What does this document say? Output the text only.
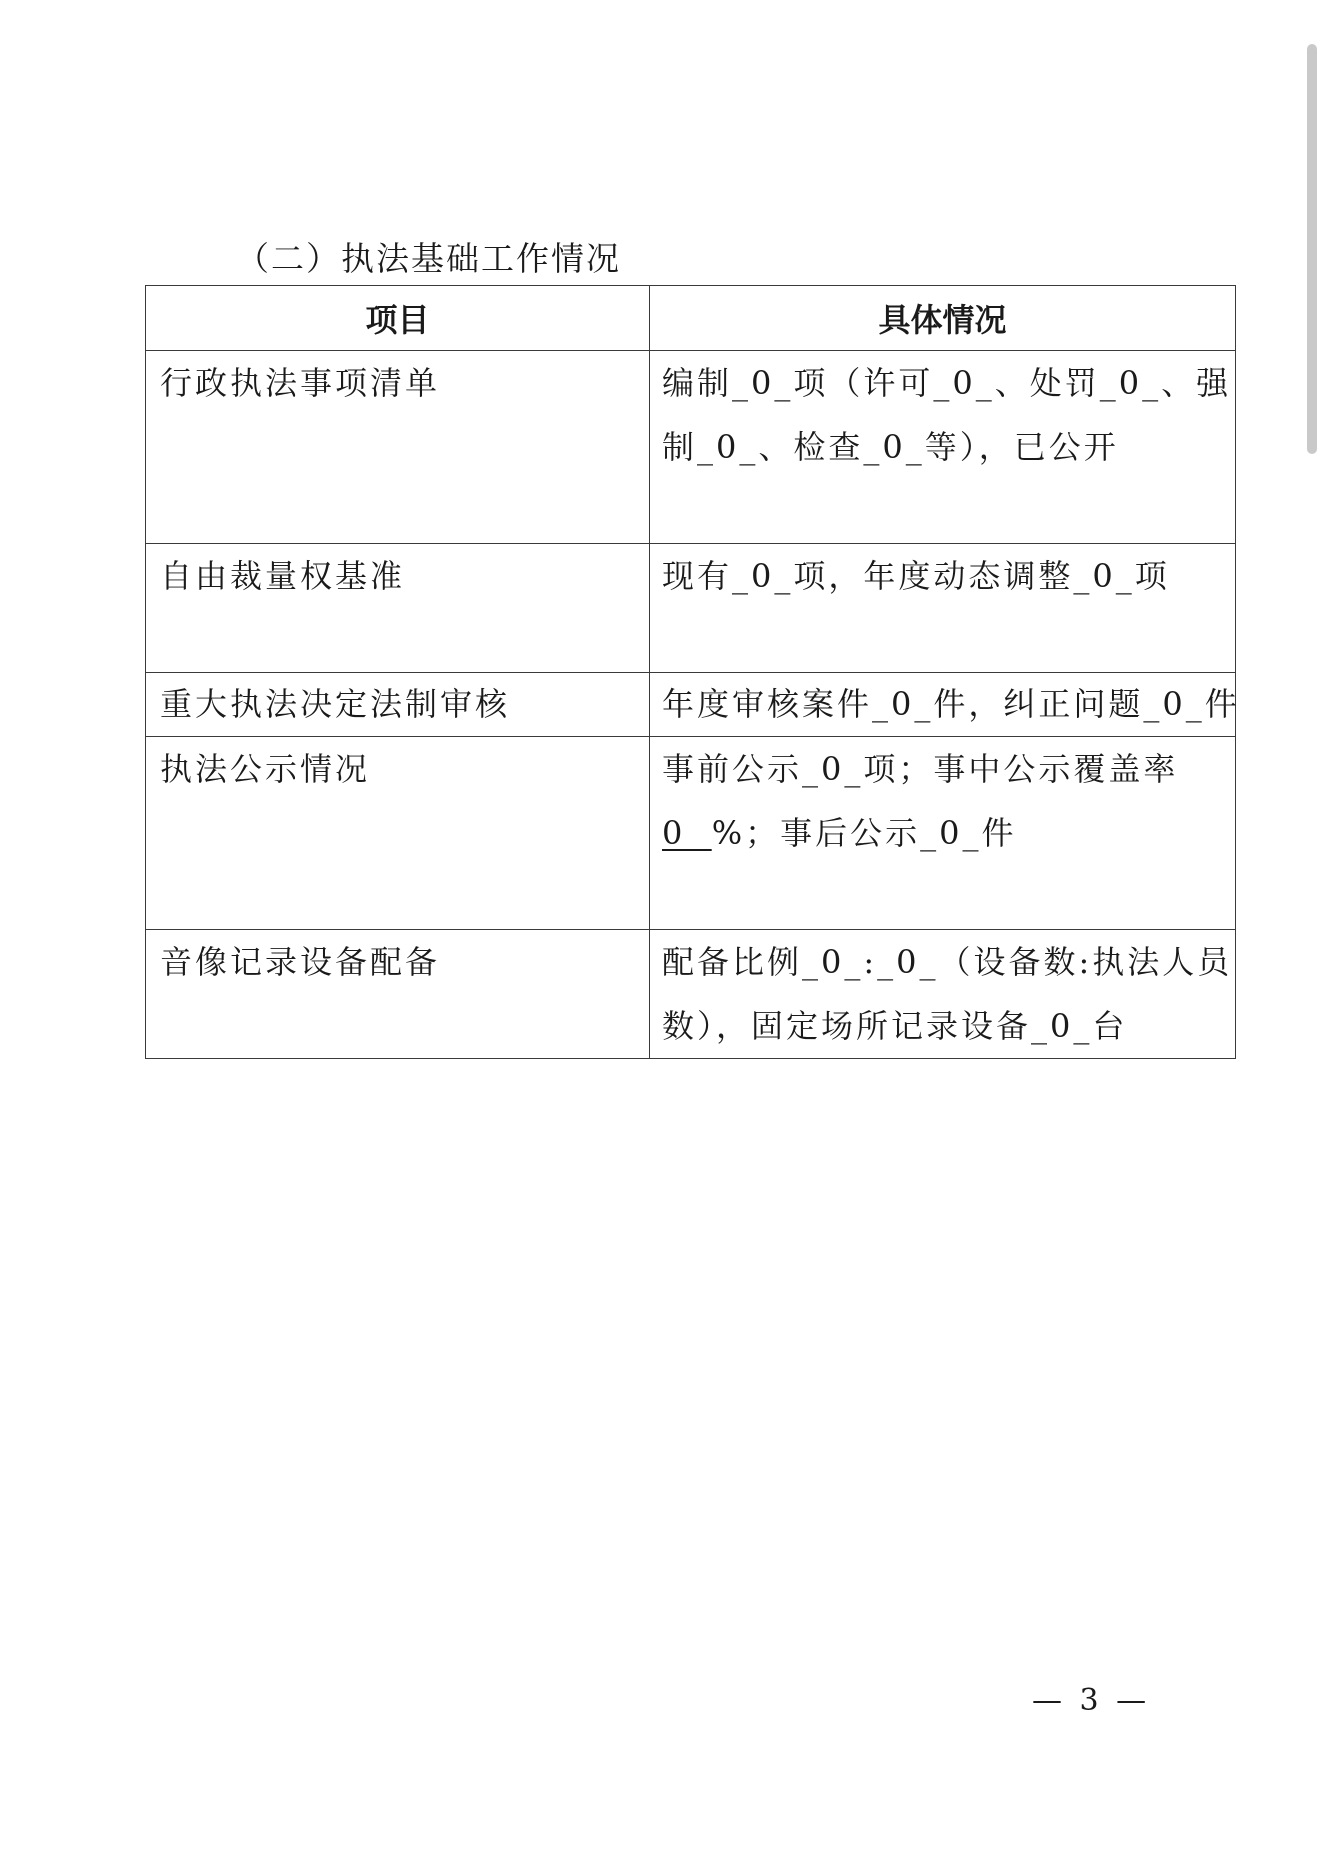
（二）执法基础工作情况
项目	具体情况

行政执法事项清单	编制_0_项（许可_0_、处罚_0_、强
制_0_、检查_0_等），已公开

自由裁量权基准	现有_0_项，年度动态调整_0_项

重大执法决定法制审核	年度审核案件_0_件，纠正问题_0_件

执法公示情况	事前公示_0_项；事中公示覆盖率
0  %；事后公示_0_件

音像记录设备配备	配备比例_0_:_0_（设备数:执法人员
数），固定场所记录设备_0_台
— 3 —
